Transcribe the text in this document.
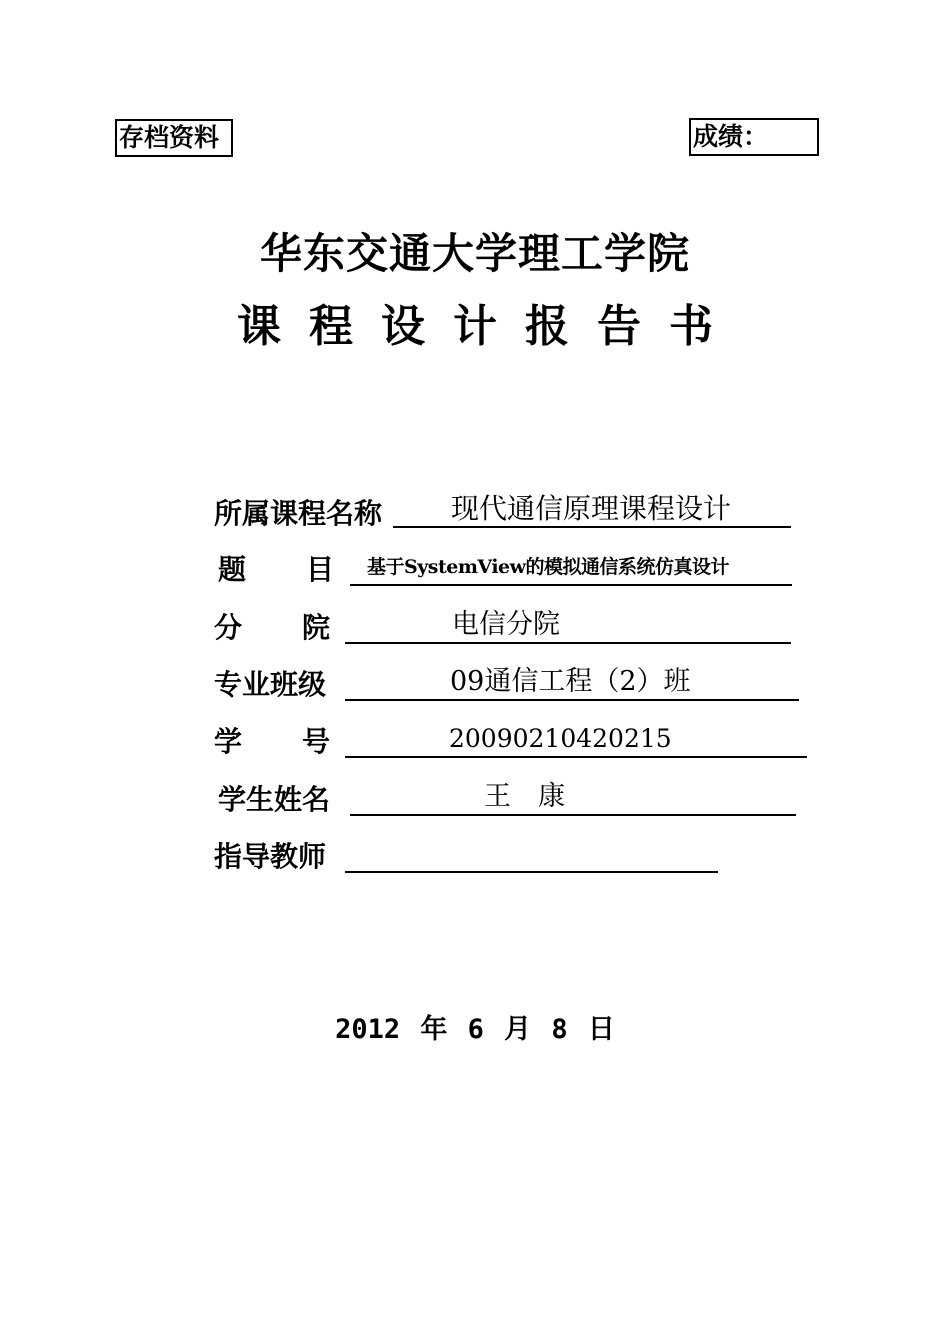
存档资料	成绩：
华东交通大学理工学院
课程设计报告书
所属课程名称 现代通信原理课程设计
题 目 基于SystemView的模拟通信系统仿真设计
分 院	电信分院
专业班级	09通信工程（2）班
学 号	20090210420215
学生姓名	王　康
指导教师
2012 年 6 月 8 日
